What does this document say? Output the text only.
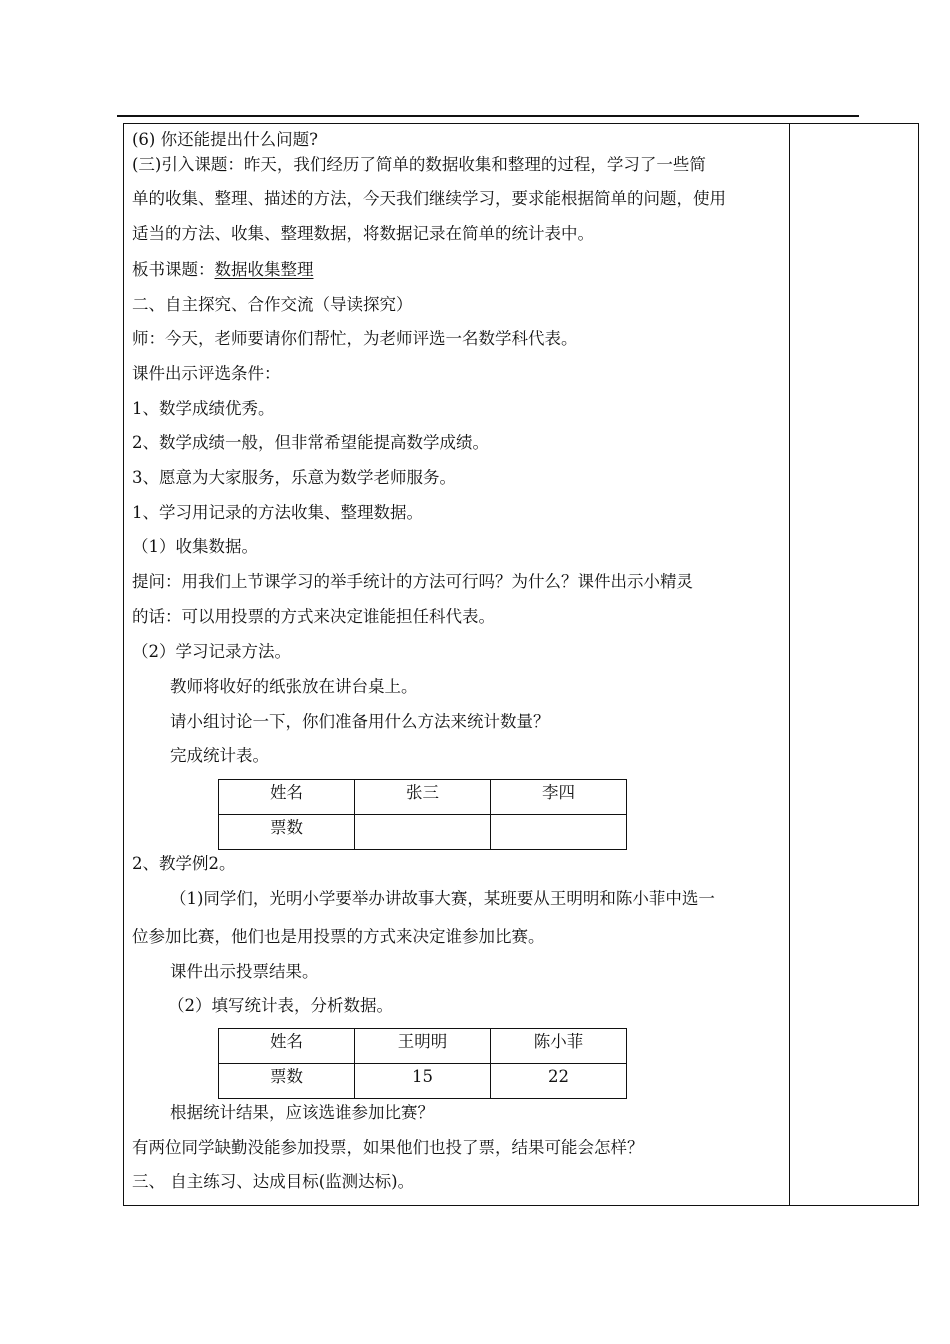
(6) 你还能提出什么问题?
(三)引入课题：昨天，我们经历了简单的数据收集和整理的过程，学习了一些简
单的收集、整理、描述的方法，今天我们继续学习，要求能根据简单的问题，使用
适当的方法、收集、整理数据，将数据记录在简单的统计表中。
板书课题：数据收集整理
二、自主探究、合作交流（导读探究）
师：今天，老师要请你们帮忙，为老师评选一名数学科代表。
课件出示评选条件：
1、数学成绩优秀。
2、数学成绩一般，但非常希望能提高数学成绩。
3、愿意为大家服务，乐意为数学老师服务。
1、学习用记录的方法收集、整理数据。
（1）收集数据。
提问：用我们上节课学习的举手统计的方法可行吗？为什么？课件出示小精灵
的话：可以用投票的方式来决定谁能担任科代表。
（2）学习记录方法。
教师将收好的纸张放在讲台桌上。
请小组讨论一下，你们准备用什么方法来统计数量？
完成统计表。
姓名	张三	李四
票数		
2、教学例2。
（1)同学们，光明小学要举办讲故事大赛，某班要从王明明和陈小菲中选一
位参加比赛，他们也是用投票的方式来决定谁参加比赛。
课件出示投票结果。
（2）填写统计表，分析数据。
姓名	王明明	陈小菲
票数	15	22
根据统计结果，应该选谁参加比赛？
有两位同学缺勤没能参加投票，如果他们也投了票，结果可能会怎样？
三、 自主练习、达成目标(监测达标)。
